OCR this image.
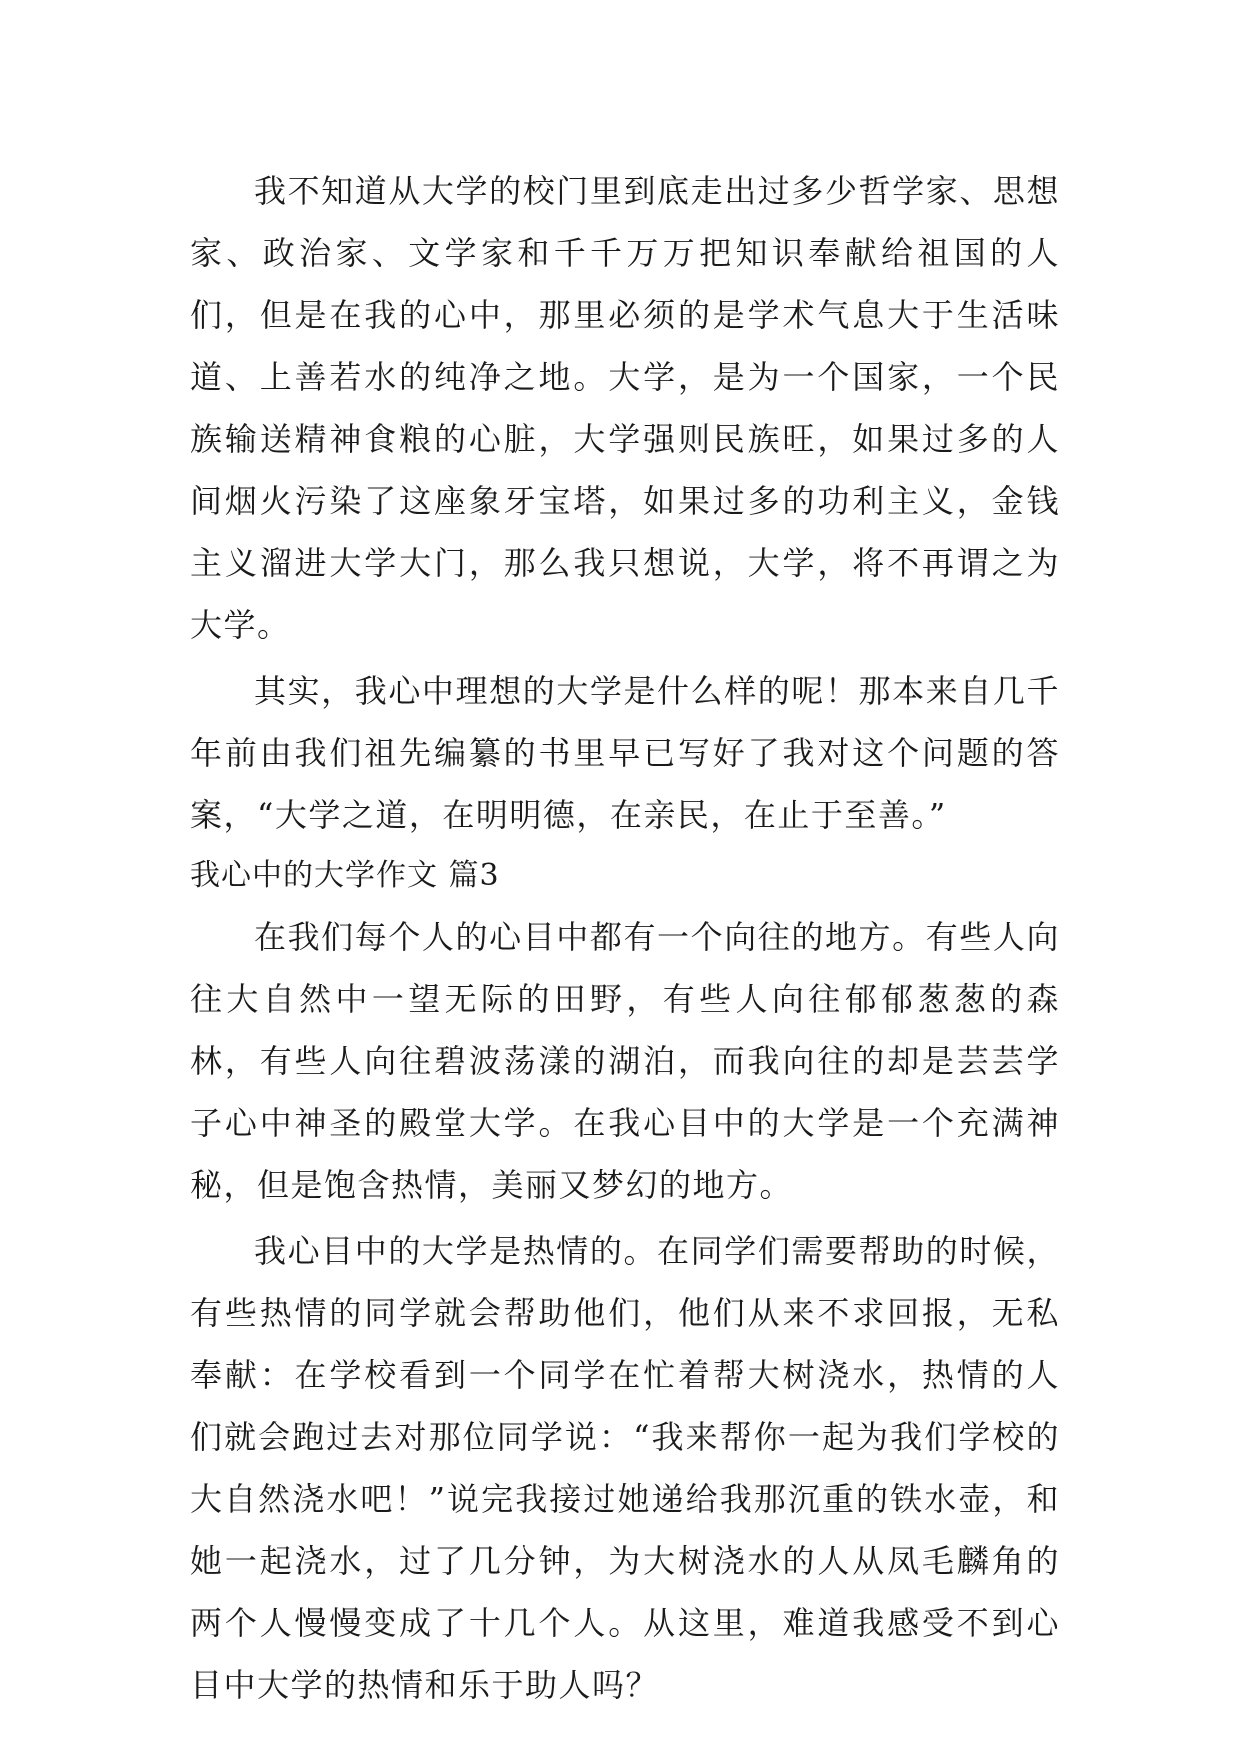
我不知道从大学的校门里到底走出过多少哲学家、思想家、政治家、文学家和千千万万把知识奉献给祖国的人们，但是在我的心中，那里必须的是学术气息大于生活味道、上善若水的纯净之地。大学，是为一个国家，一个民族输送精神食粮的心脏，大学强则民族旺，如果过多的人间烟火污染了这座象牙宝塔，如果过多的功利主义，金钱主义溜进大学大门，那么我只想说，大学，将不再谓之为大学。

其实，我心中理想的大学是什么样的呢！那本来自几千年前由我们祖先编纂的书里早已写好了我对这个问题的答案，“大学之道，在明明德，在亲民，在止于至善。”

我心中的大学作文 篇3

在我们每个人的心目中都有一个向往的地方。有些人向往大自然中一望无际的田野，有些人向往郁郁葱葱的森林，有些人向往碧波荡漾的湖泊，而我向往的却是芸芸学子心中神圣的殿堂大学。在我心目中的大学是一个充满神秘，但是饱含热情，美丽又梦幻的地方。

我心目中的大学是热情的。在同学们需要帮助的时候，有些热情的同学就会帮助他们，他们从来不求回报，无私奉献：在学校看到一个同学在忙着帮大树浇水，热情的人们就会跑过去对那位同学说：“我来帮你一起为我们学校的大自然浇水吧！”说完我接过她递给我那沉重的铁水壶，和她一起浇水，过了几分钟，为大树浇水的人从凤毛麟角的两个人慢慢变成了十几个人。从这里，难道我感受不到心目中大学的热情和乐于助人吗？
